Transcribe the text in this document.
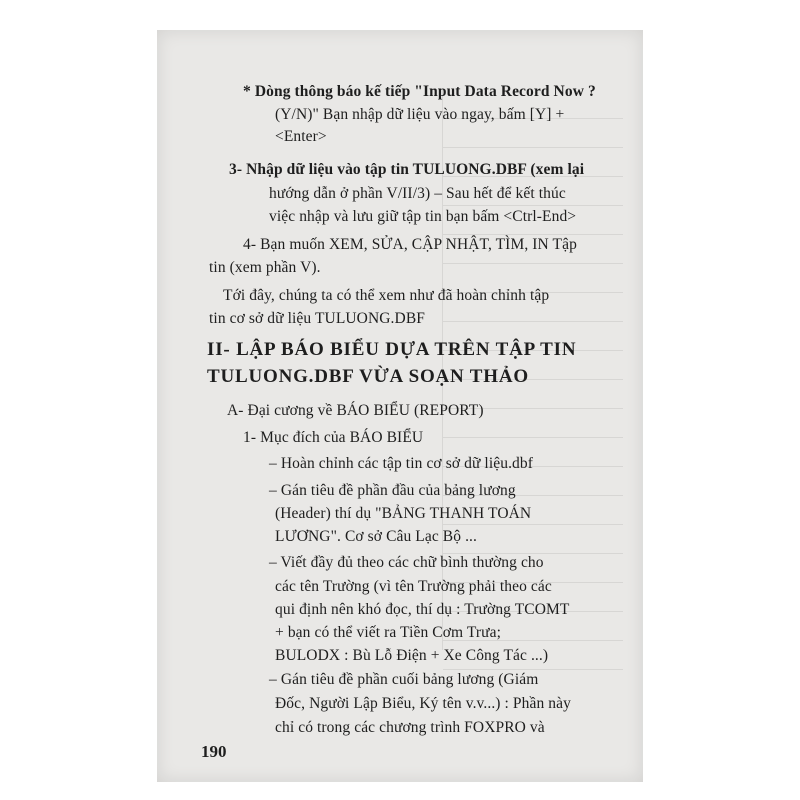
* Dòng thông báo kế tiếp "Input Data Record Now ?
(Y/N)" Bạn nhập dữ liệu vào ngay, bấm [Y] +
<Enter>
3- Nhập dữ liệu vào tập tin TULUONG.DBF (xem lại
hướng dẫn ở phần V/II/3) – Sau hết để kết thúc
việc nhập và lưu giữ tập tin bạn bấm <Ctrl-End>
4- Bạn muốn XEM, SỬA, CẬP NHẬT, TÌM, IN Tập
tin (xem phần V).
Tới đây, chúng ta có thể xem như đã hoàn chỉnh tập
tin cơ sở dữ liệu TULUONG.DBF
II- LẬP BÁO BIỂU DỰA TRÊN TẬP TIN
TULUONG.DBF VỪA SOẠN THẢO
A- Đại cương về BÁO BIỂU (REPORT)
1- Mục đích của BÁO BIỂU
– Hoàn chỉnh các tập tin cơ sở dữ liệu.dbf
– Gán tiêu đề phần đầu của bảng lương
(Header) thí dụ "BẢNG THANH TOÁN
LƯƠNG". Cơ sở Câu Lạc Bộ ...
– Viết đầy đủ theo các chữ bình thường cho
các tên Trường (vì tên Trường phải theo các
qui định nên khó đọc, thí dụ : Trường TCOMT
+ bạn có thể viết ra Tiền Cơm Trưa;
BULODX : Bù Lỗ Điện + Xe Công Tác ...)
– Gán tiêu đề phần cuối bảng lương (Giám
Đốc, Người Lập Biểu, Ký tên v.v...) : Phần này
chỉ có trong các chương trình FOXPRO và
190
